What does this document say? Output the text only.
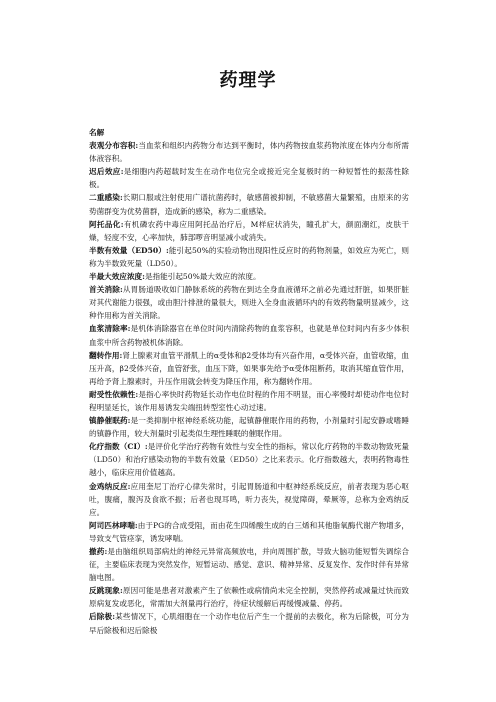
药理学
名解

表观分布容积:当血浆和组织内药物分布达到平衡时，体内药物按血浆药物浓度在体内分布所需体液容积。

迟后效应:是细胞内药超载时发生在动作电位完全或接近完全复极时的一种短暂性的振荡性除极。

二重感染:长期口服或注射使用广谱抗菌药时，敏感菌被抑制，不敏感菌大量繁殖，由原来的劣势菌群变为优势菌群，造成新的感染，称为二重感染。

阿托品化:有机磷农药中毒应用阿托品治疗后，M样症状消失，瞳孔扩大，颜面潮红，皮肤干燥，轻度不安，心率加快，肺部啰音明显减小或消失。

半数有效量（ED50）:能引起50%的实验动物出现阳性反应时的药物剂量，如效应为死亡，则称为半数致死量（LD50）。

半最大效应浓度:是指能引起50%最大效应的浓度。

首关消除:从胃肠道吸收如门静脉系统的药物在到达全身血液循环之前必先通过肝脏，如果肝脏对其代谢能力很强，或由胆汁排泄的量很大，则进入全身血液循环内的有效药物量明显减少，这种作用称为首关消除。

血浆清除率:是机体消除器官在单位时间内清除药物的血浆容积，也就是单位时间内有多少体积血浆中所含药物被机体消除。

翻转作用:肾上腺素对血管平滑肌上的α受体和β2受体均有兴奋作用，α受体兴奋，血管收缩，血压升高，β2受体兴奋，血管舒张，血压下降，如果事先给予α受体阻断药，取消其缩血管作用，再给予肾上腺素时，升压作用就会转变为降压作用，称为翻转作用。

耐受性依赖性:是指心率快时药物延长动作电位时程的作用不明显，而心率慢时却使动作电位时程明显延长，该作用易诱发尖端扭转型室性心动过速。

镇静催眠药:是一类抑制中枢神经系统功能，起镇静催眠作用的药物，小剂量时引起安静或嗜睡的镇静作用，较大剂量时引起类似生理性睡眠的催眠作用。

化疗指数（CI）:是评价化学治疗药物有效性与安全性的指标，常以化疗药物的半数动物致死量（LD50）和治疗感染动物的半数有效量（ED50）之比来表示。化疗指数越大，表明药物毒性越小，临床应用价值越高。

金鸡纳反应:应用奎尼丁治疗心律失常时，引起胃肠道和中枢神经系统反应，前者表现为恶心呕吐，腹痛，腹泻及食欲不振；后者也现耳鸣，听力丧失，视觉障碍，晕厥等，总称为金鸡纳反应。

阿司匹林哮喘:由于PG的合成受阻，而由花生四烯酸生成的白三烯和其他脂氧酶代谢产物增多，导致支气管痉挛，诱发哮喘。

撤药:是由脑组织局部病灶的神经元异常高频放电，并向周围扩散，导致大脑功能短暂失调综合征，主要临床表现为突然发作，短暂运动、感觉、意识、精神异常、反复发作、发作时伴有异常脑电图。

反跳现象:原因可能是患者对激素产生了依赖性或病情尚未完全控制，突然停药或减量过快而致原病复发或恶化，常需加大剂量再行治疗，待症状缓解后再缓慢减量、停药。

后除极:某些情况下，心肌细胞在一个动作电位后产生一个提前的去极化，称为后除极，可分为早后除极和迟后除极
